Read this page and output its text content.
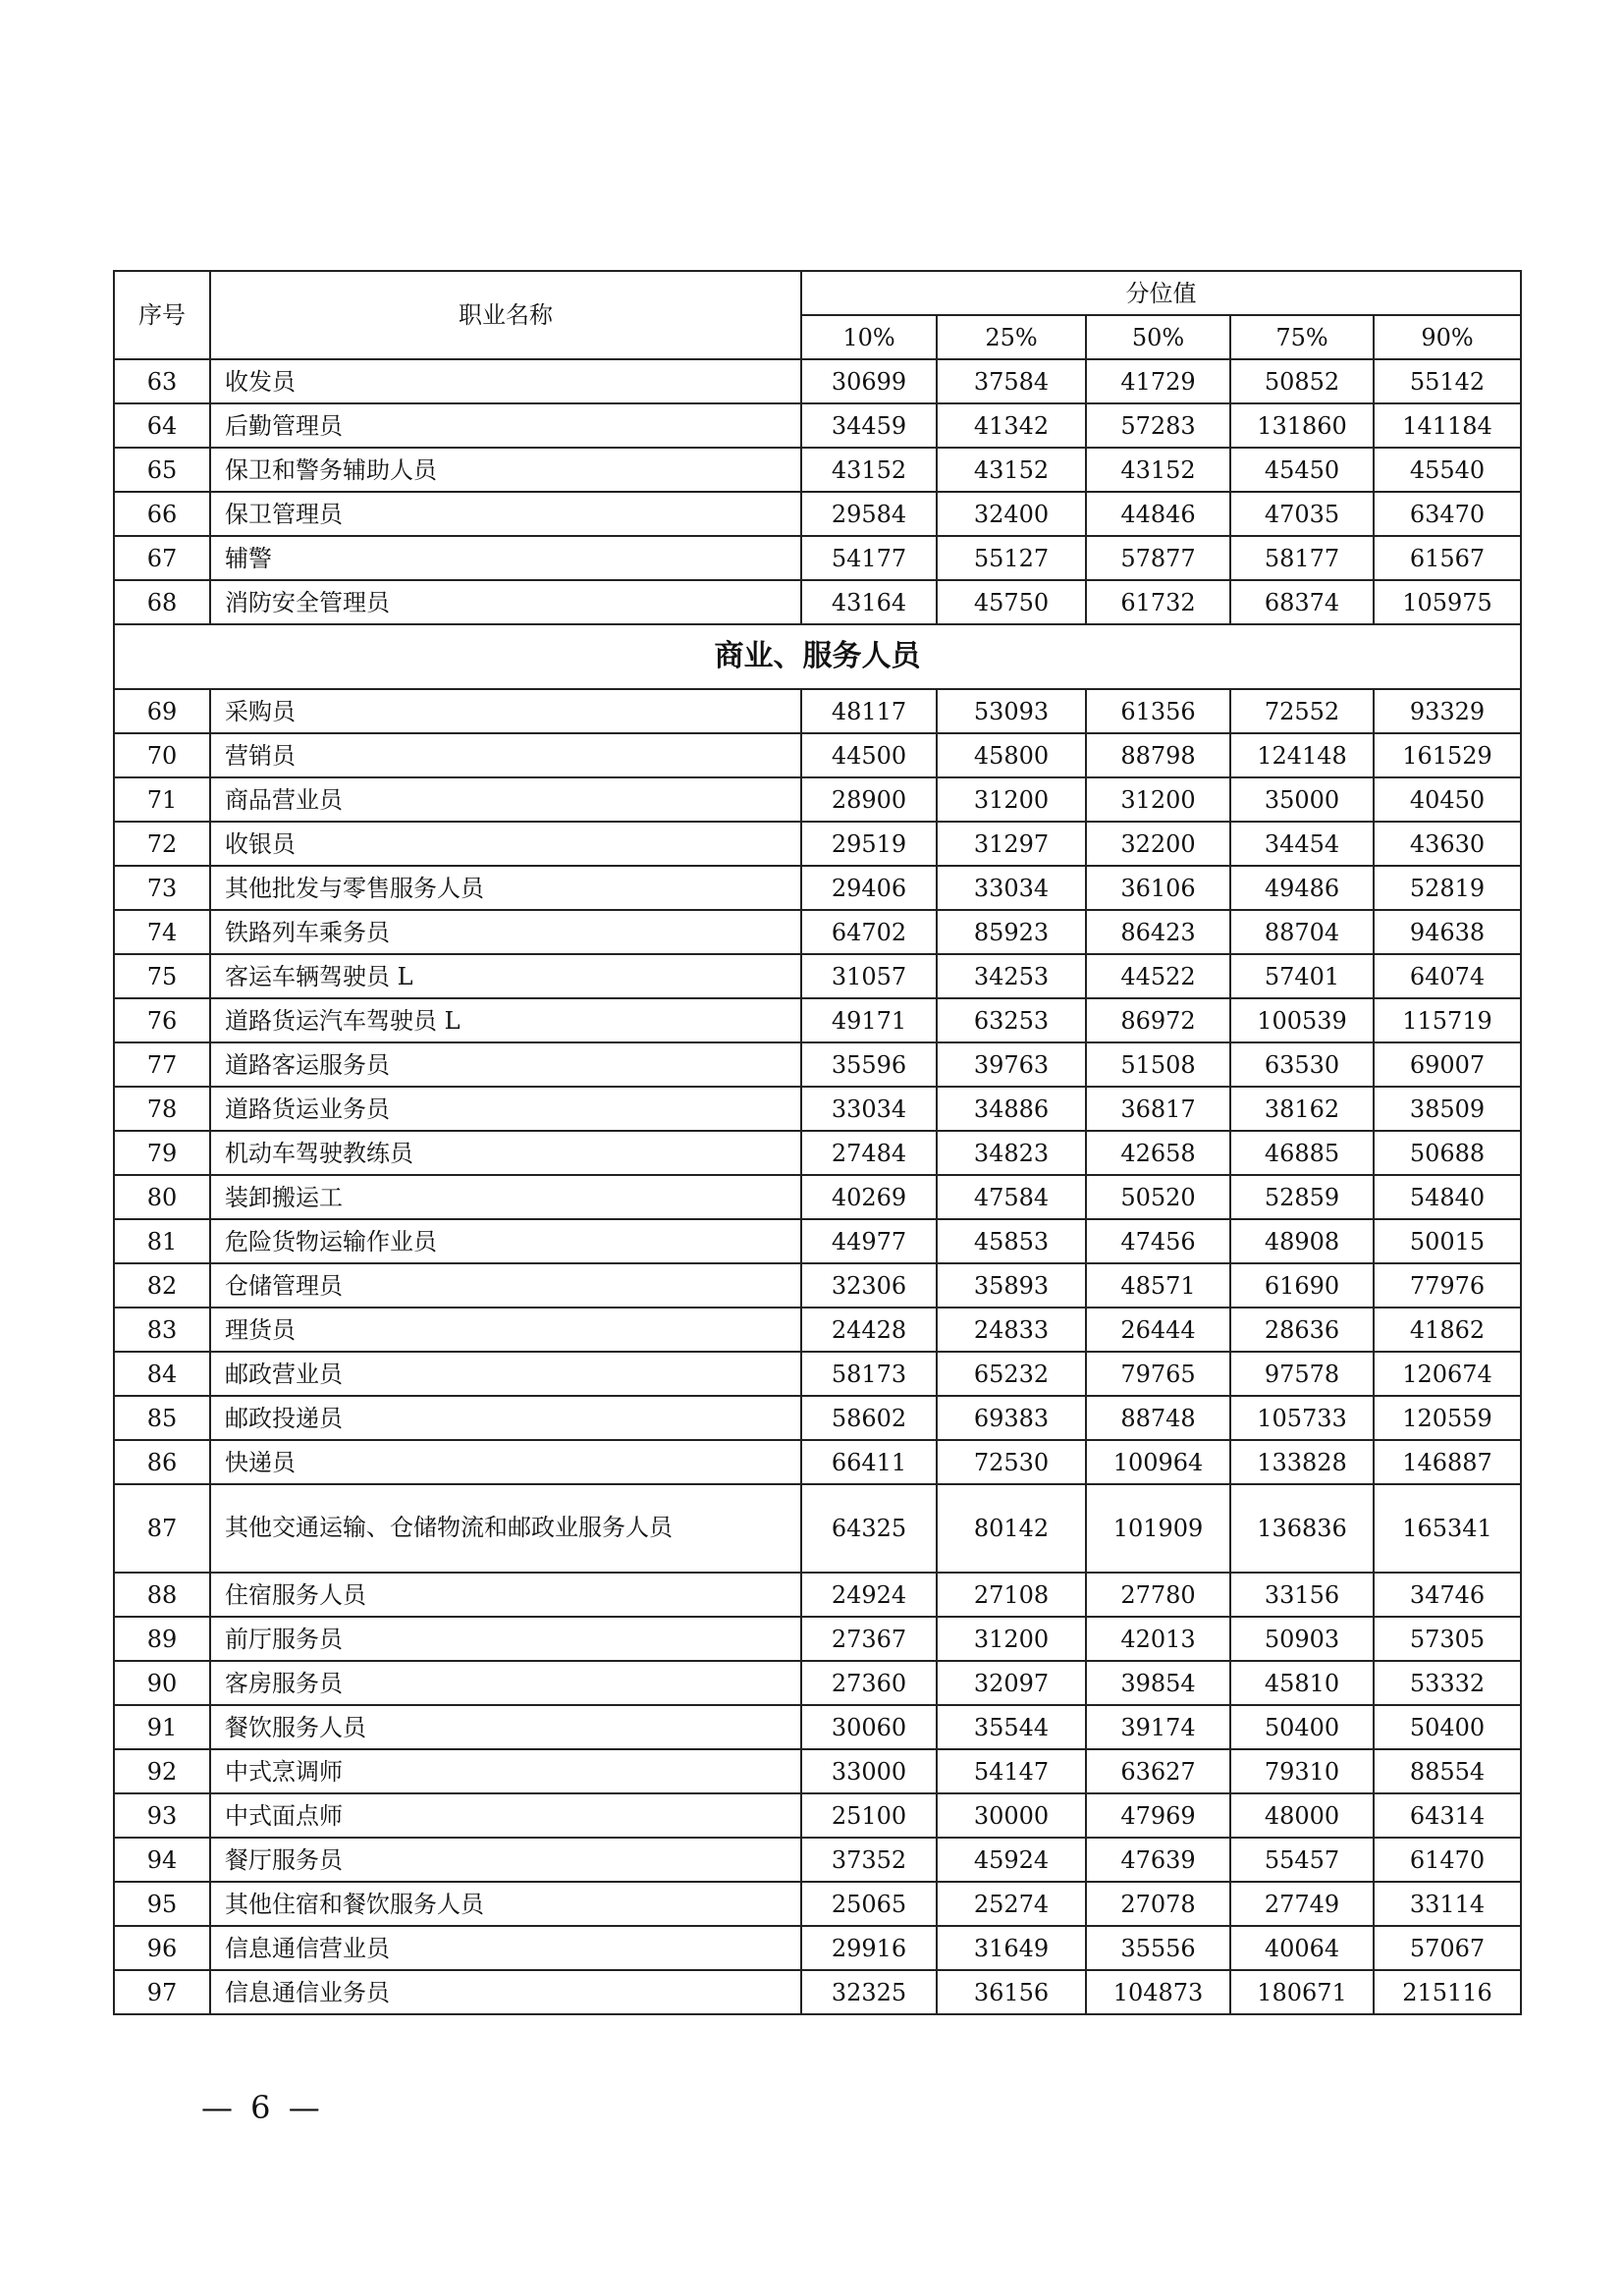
序号	职业名称	分位值				
		10%	25%	50%	75%	90%
63	收发员	30699	37584	41729	50852	55142
64	后勤管理员	34459	41342	57283	131860	141184
65	保卫和警务辅助人员	43152	43152	43152	45450	45540
66	保卫管理员	29584	32400	44846	47035	63470
67	辅警	54177	55127	57877	58177	61567
68	消防安全管理员	43164	45750	61732	68374	105975
商业、服务人员						
69	采购员	48117	53093	61356	72552	93329
70	营销员	44500	45800	88798	124148	161529
71	商品营业员	28900	31200	31200	35000	40450
72	收银员	29519	31297	32200	34454	43630
73	其他批发与零售服务人员	29406	33034	36106	49486	52819
74	铁路列车乘务员	64702	85923	86423	88704	94638
75	客运车辆驾驶员 L	31057	34253	44522	57401	64074
76	道路货运汽车驾驶员 L	49171	63253	86972	100539	115719
77	道路客运服务员	35596	39763	51508	63530	69007
78	道路货运业务员	33034	34886	36817	38162	38509
79	机动车驾驶教练员	27484	34823	42658	46885	50688
80	装卸搬运工	40269	47584	50520	52859	54840
81	危险货物运输作业员	44977	45853	47456	48908	50015
82	仓储管理员	32306	35893	48571	61690	77976
83	理货员	24428	24833	26444	28636	41862
84	邮政营业员	58173	65232	79765	97578	120674
85	邮政投递员	58602	69383	88748	105733	120559
86	快递员	66411	72530	100964	133828	146887
87	其他交通运输、仓储物流和邮政业服务人员	64325	80142	101909	136836	165341
88	住宿服务人员	24924	27108	27780	33156	34746
89	前厅服务员	27367	31200	42013	50903	57305
90	客房服务员	27360	32097	39854	45810	53332
91	餐饮服务人员	30060	35544	39174	50400	50400
92	中式烹调师	33000	54147	63627	79310	88554
93	中式面点师	25100	30000	47969	48000	64314
94	餐厅服务员	37352	45924	47639	55457	61470
95	其他住宿和餐饮服务人员	25065	25274	27078	27749	33114
96	信息通信营业员	29916	31649	35556	40064	57067
97	信息通信业务员	32325	36156	104873	180671	215116
— 6 —
